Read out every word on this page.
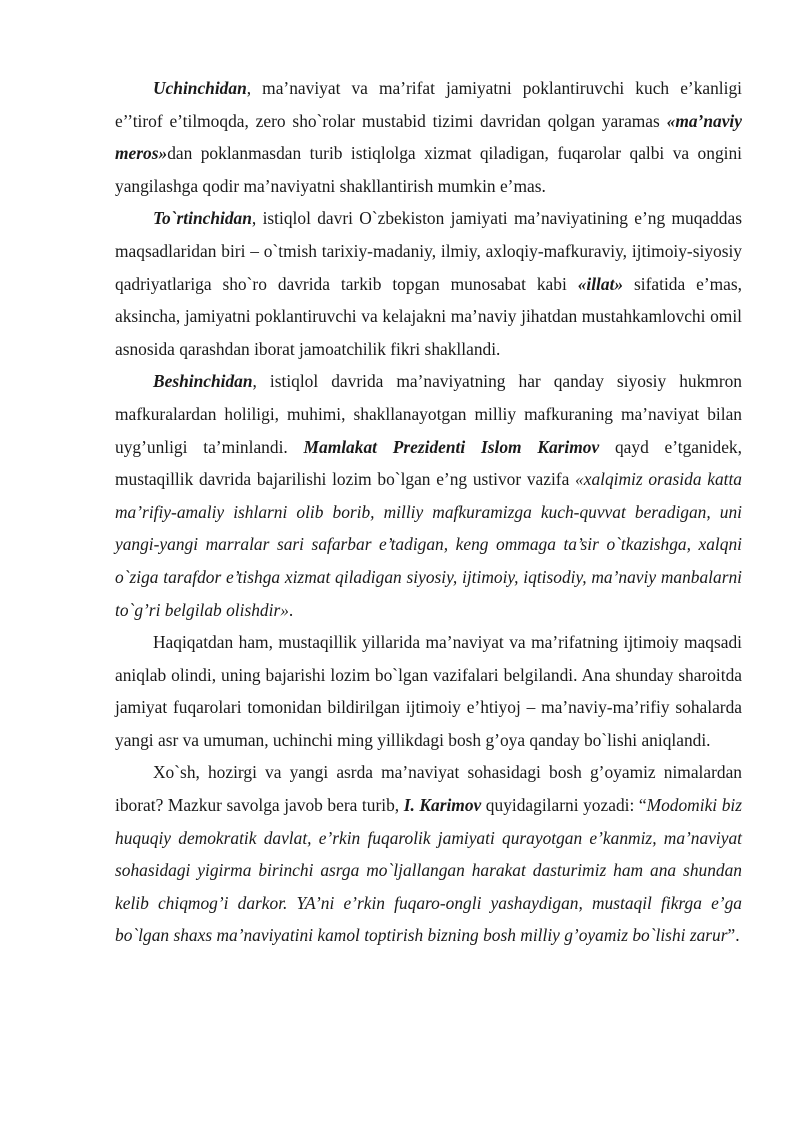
Uchinchidan, ma’naviyat va ma’rifat jamiyatni poklantiruvchi kuch e’kanligi e’’tirof e’tilmoqda, zero sho`rolar mustabid tizimi davridan qolgan yaramas «ma’naviy meros»dan poklanmasdan turib istiqlolga xizmat qiladigan, fuqarolar qalbi va ongini yangilashga qodir ma’naviyatni shakllantirish mumkin e’mas.

To`rtinchidan, istiqlol davri O`zbekiston jamiyati ma’naviyatining e’ng muqaddas maqsadlaridan biri – o`tmish tarixiy-madaniy, ilmiy, axloqiy-mafkuraviy, ijtimoiy-siyosiy qadriyatlariga sho`ro davrida tarkib topgan munosabat kabi «illat» sifatida e’mas, aksincha, jamiyatni poklantiruvchi va kelajakni ma’naviy jihatdan mustahkamlovchi omil asnosida qarashdan iborat jamoatchilik fikri shakllandi.

Beshinchidan, istiqlol davrida ma’naviyatning har qanday siyosiy hukmron mafkuralardan holiligi, muhimi, shakllanayotgan milliy mafkuraning ma’naviyat bilan uyg’unligi ta’minlandi. Mamlakat Prezidenti Islom Karimov qayd e’tganidek, mustaqillik davrida bajarilishi lozim bo`lgan e’ng ustivor vazifa «xalqimiz orasida katta ma’rifiy-amaliy ishlarni olib borib, milliy mafkuramizga kuch-quvvat beradigan, uni yangi-yangi marralar sari safarbar e’tadigan, keng ommaga ta’sir o`tkazishga, xalqni o`ziga tarafdor e’tishga xizmat qiladigan siyosiy, ijtimoiy, iqtisodiy, ma’naviy manbalarni to`g’ri belgilab olishdir».

Haqiqatdan ham, mustaqillik yillarida ma’naviyat va ma’rifatning ijtimoiy maqsadi aniqlab olindi, uning bajarishi lozim bo`lgan vazifalari belgilandi. Ana shunday sharoitda jamiyat fuqarolari tomonidan bildirilgan ijtimoiy e’htiyoj – ma’naviy-ma’rifiy sohalarda yangi asr va umuman, uchinchi ming yillikdagi bosh g’oya qanday bo`lishi aniqlandi.

Xo`sh, hozirgi va yangi asrda ma’naviyat sohasidagi bosh g’oyamiz nimalardan iborat? Mazkur savolga javob bera turib, I. Karimov quyidagilarni yozadi: “Modomiki biz huquqiy demokratik davlat, e’rkin fuqarolik jamiyati qurayotgan e’kanmiz, ma’naviyat sohasidagi yigirma birinchi asrga mo`ljallangan harakat dasturimiz ham ana shundan kelib chiqmog’i darkor. YA’ni e’rkin fuqaro-ongli yashaydigan, mustaqil fikrga e’ga bo`lgan shaxs ma’naviyatini kamol toptirish bizning bosh milliy g’oyamiz bo`lishi zarur”.
